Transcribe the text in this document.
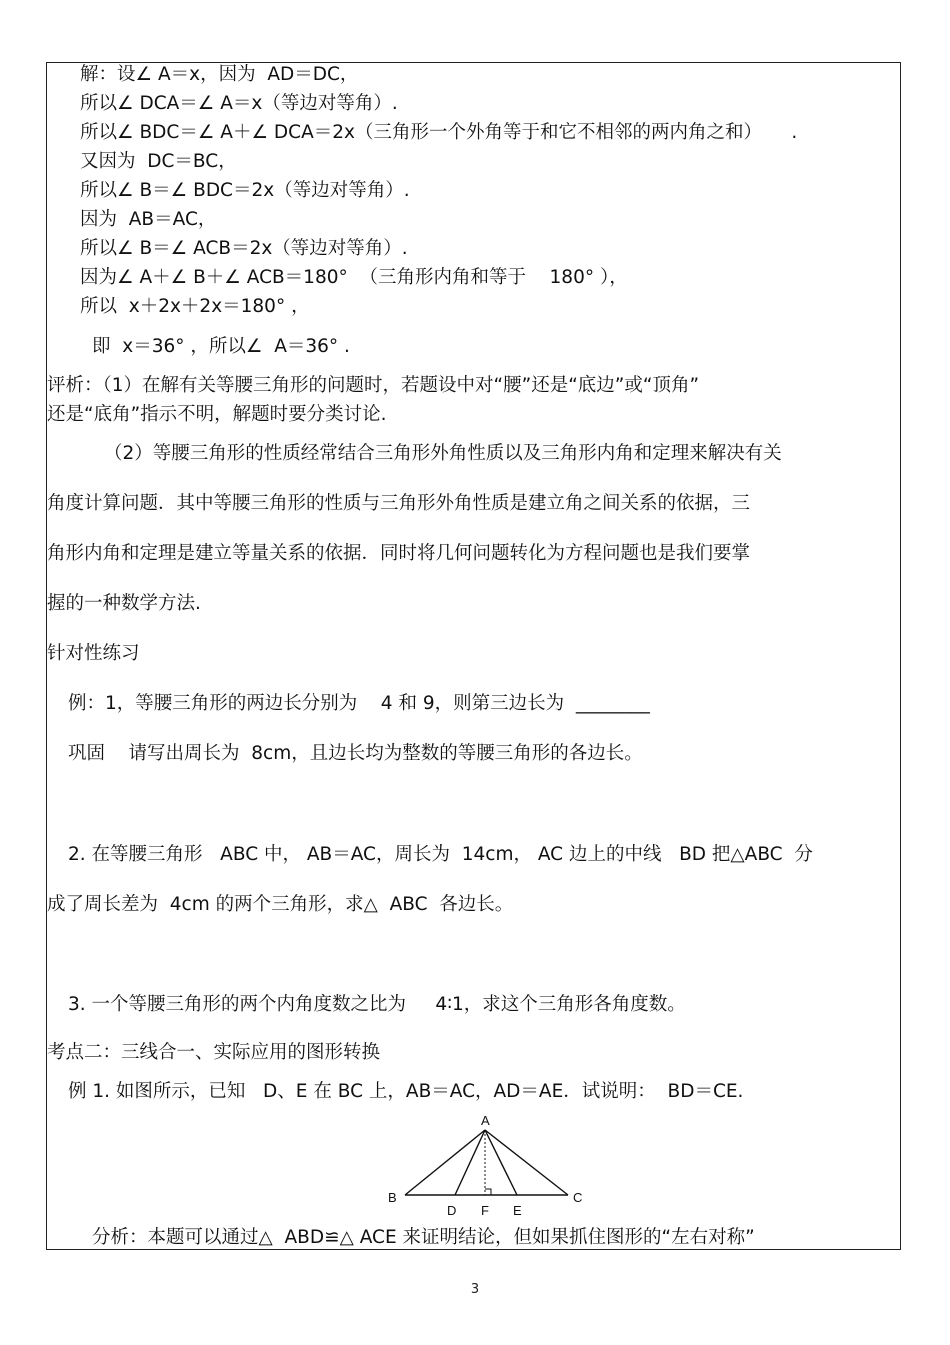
解：设∠ A＝x，因为  AD＝DC，
所以∠ DCA＝∠ A＝x（等边对等角）.
所以∠ BDC＝∠ A＋∠ DCA＝2x（三角形一个外角等于和它不相邻的两内角之和）     .
又因为  DC＝BC，
所以∠ B＝∠ BDC＝2x（等边对等角）.
因为  AB＝AC，
所以∠ B＝∠ ACB＝2x（等边对等角）.
因为∠ A＋∠ B＋∠ ACB＝180°  （三角形内角和等于    180° ），
所以  x＋2x＋2x＝180° ，
即  x＝36° ，所以∠  A＝36° .
评析：（1）在解有关等腰三角形的问题时，若题设中对“腰”还是“底边”或“顶角”
还是“底角”指示不明，解题时要分类讨论.
（2）等腰三角形的性质经常结合三角形外角性质以及三角形内角和定理来解决有关
角度计算问题．其中等腰三角形的性质与三角形外角性质是建立角之间关系的依据，三
角形内角和定理是建立等量关系的依据．同时将几何问题转化为方程问题也是我们要掌
握的一种数学方法.
针对性练习
例：1，等腰三角形的两边长分别为    4 和 9，则第三边长为  ________
巩固    请写出周长为  8cm，且边长均为整数的等腰三角形的各边长。
2. 在等腰三角形   ABC 中， AB＝AC，周长为  14cm， AC 边上的中线   BD 把△ABC  分
成了周长差为  4cm 的两个三角形，求△  ABC  各边长。
3. 一个等腰三角形的两个内角度数之比为     4∶1，求这个三角形各角度数。
考点二：三线合一、实际应用的图形转换
例 1. 如图所示，已知   D、E 在 BC 上，AB＝AC，AD＝AE．试说明：  BD＝CE.
A
B	C
D F E
分析：本题可以通过△  ABD≌△ ACE 来证明结论，但如果抓住图形的“左右对称”
3
